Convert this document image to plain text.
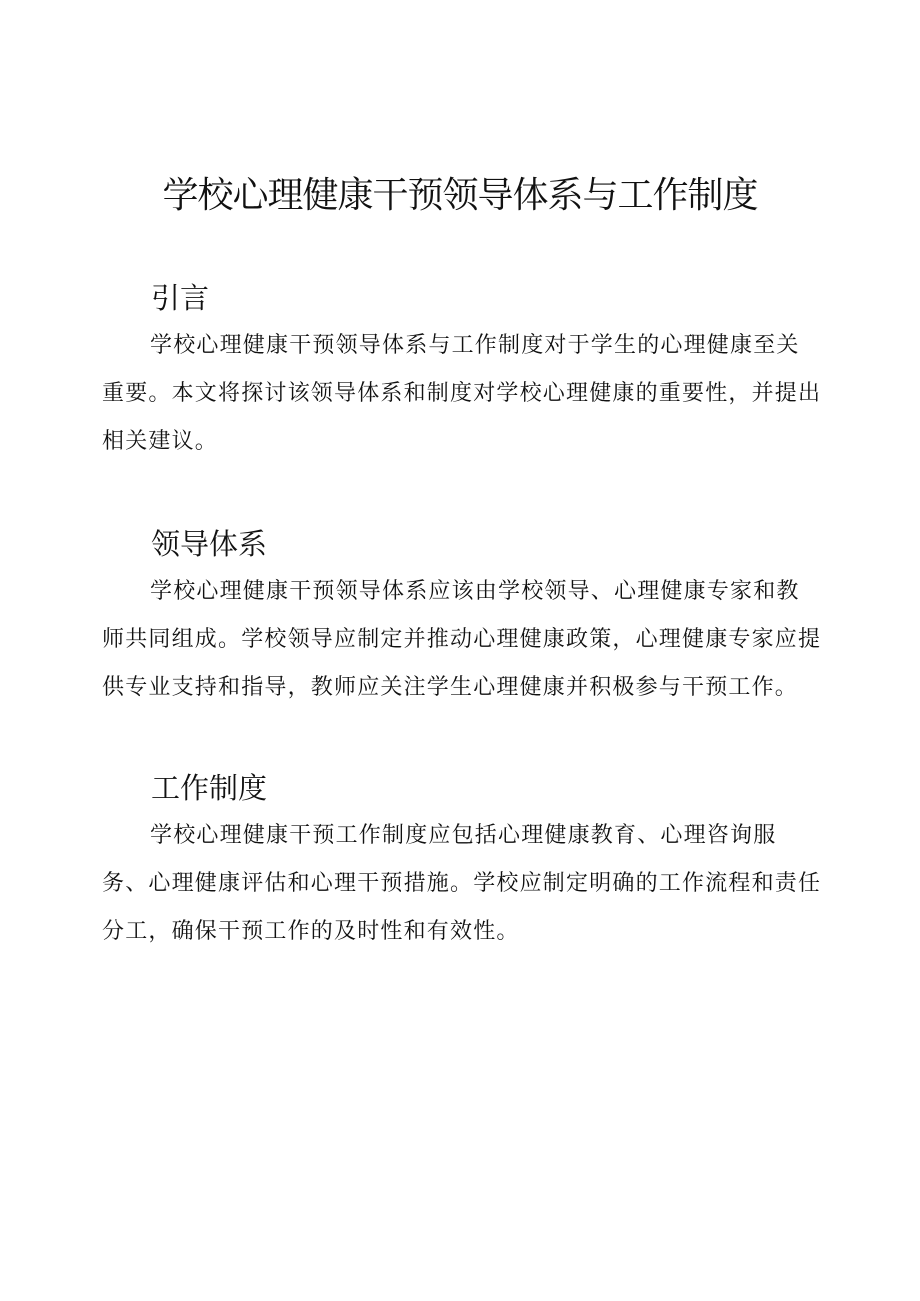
学校心理健康干预领导体系与工作制度
引言

学校心理健康干预领导体系与工作制度对于学生的心理健康至关重要。本文将探讨该领导体系和制度对学校心理健康的重要性，并提出相关建议。

领导体系

学校心理健康干预领导体系应该由学校领导、心理健康专家和教师共同组成。学校领导应制定并推动心理健康政策，心理健康专家应提供专业支持和指导，教师应关注学生心理健康并积极参与干预工作。

工作制度

学校心理健康干预工作制度应包括心理健康教育、心理咨询服务、心理健康评估和心理干预措施。学校应制定明确的工作流程和责任分工，确保干预工作的及时性和有效性。
